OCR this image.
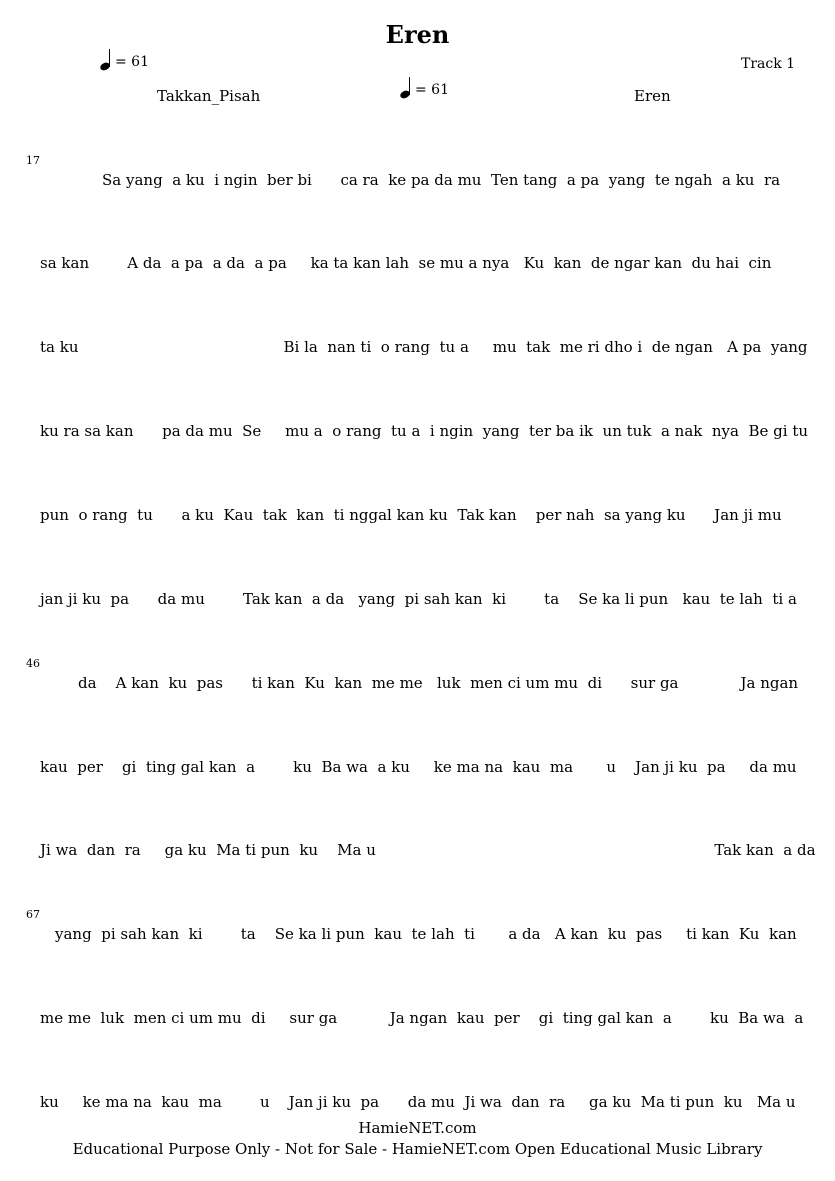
Eren
= 61
= 61
Track 1
Takkan_Pisah	Eren
17
46
67
Sa yang  a ku  i ngin  ber bi      ca ra  ke pa da mu  Ten tang  a pa  yang  te ngah  a ku  ra
sa kan        A da  a pa  a da  a pa     ka ta kan lah  se mu a nya   Ku  kan  de ngar kan  du hai  cin
ta ku                                           Bi la  nan ti  o rang  tu a     mu  tak  me ri dho i  de ngan   A pa  yang
ku ra sa kan      pa da mu  Se     mu a  o rang  tu a  i ngin  yang  ter ba ik  un tuk  a nak  nya  Be gi tu
pun  o rang  tu      a ku  Kau  tak  kan  ti nggal kan ku  Tak kan    per nah  sa yang ku      Jan ji mu
jan ji ku  pa      da mu        Tak kan  a da   yang  pi sah kan  ki        ta    Se ka li pun   kau  te lah  ti a
da    A kan  ku  pas      ti kan  Ku  kan  me me   luk  men ci um mu  di      sur ga             Ja ngan
kau  per    gi  ting gal kan  a        ku  Ba wa  a ku     ke ma na  kau  ma       u    Jan ji ku  pa     da mu
Ji wa  dan  ra     ga ku  Ma ti pun  ku    Ma u                                                                       Tak kan  a da
yang  pi sah kan  ki        ta    Se ka li pun  kau  te lah  ti       a da   A kan  ku  pas     ti kan  Ku  kan
me me  luk  men ci um mu  di     sur ga           Ja ngan  kau  per    gi  ting gal kan  a        ku  Ba wa  a
ku     ke ma na  kau  ma        u    Jan ji ku  pa      da mu  Ji wa  dan  ra     ga ku  Ma ti pun  ku   Ma u
HamieNET.com
Educational Purpose Only - Not for Sale - HamieNET.com Open Educational Music Library
